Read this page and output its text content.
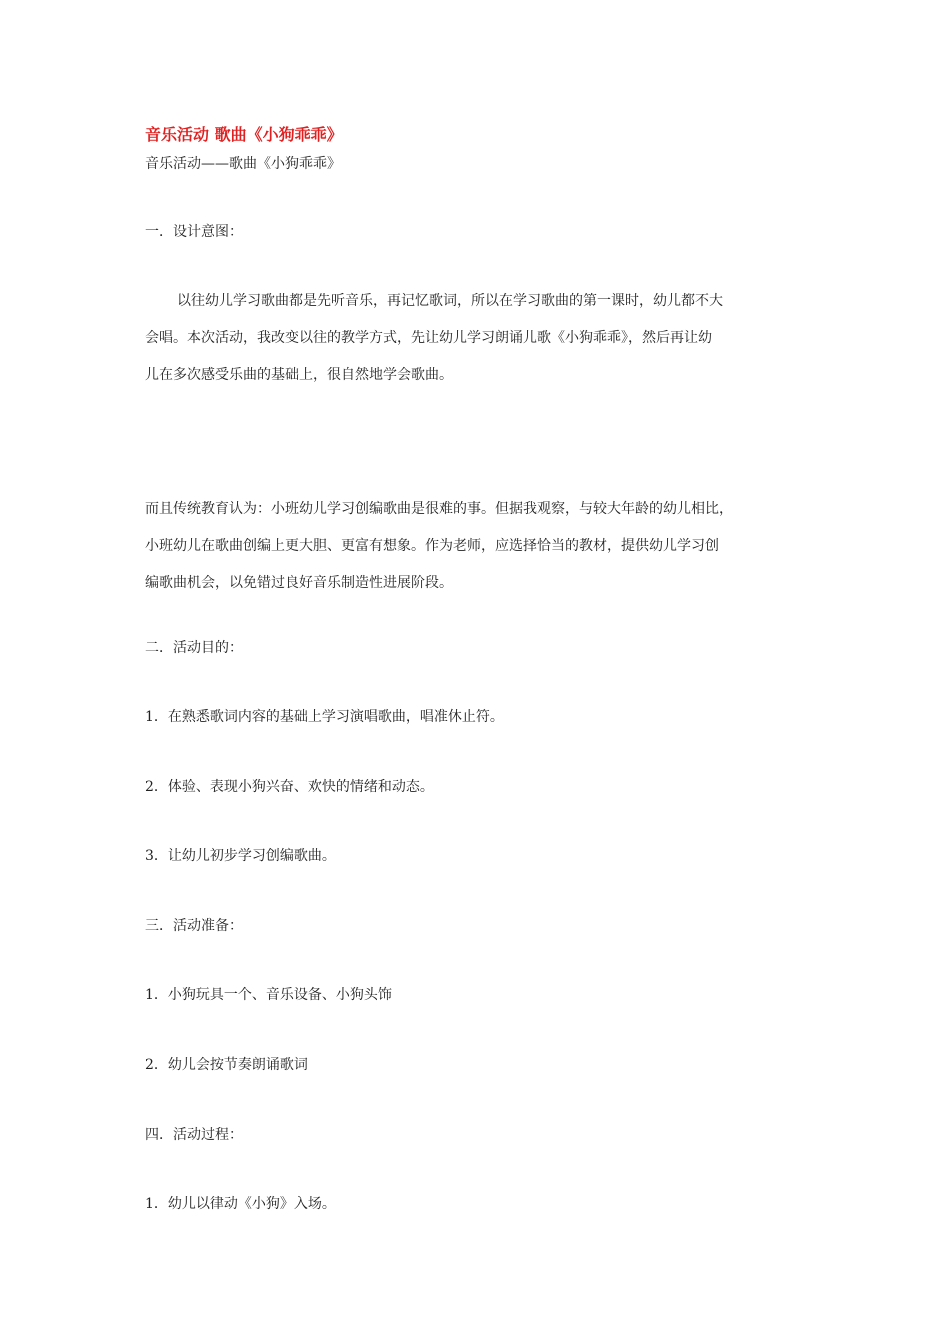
音乐活动 歌曲《小狗乖乖》
音乐活动——歌曲《小狗乖乖》
一．设计意图：
以往幼儿学习歌曲都是先听音乐，再记忆歌词，所以在学习歌曲的第一课时，幼儿都不大
会唱。本次活动，我改变以往的教学方式，先让幼儿学习朗诵儿歌《小狗乖乖》，然后再让幼
儿在多次感受乐曲的基础上，很自然地学会歌曲。
而且传统教育认为：小班幼儿学习创编歌曲是很难的事。但据我观察，与较大年龄的幼儿相比，
小班幼儿在歌曲创编上更大胆、更富有想象。作为老师，应选择恰当的教材，提供幼儿学习创
编歌曲机会，以免错过良好音乐制造性进展阶段。
二．活动目的：
1．在熟悉歌词内容的基础上学习演唱歌曲，唱准休止符。
2．体验、表现小狗兴奋、欢快的情绪和动态。
3．让幼儿初步学习创编歌曲。
三．活动准备：
1．小狗玩具一个、音乐设备、小狗头饰
2．幼儿会按节奏朗诵歌词
四．活动过程：
1．幼儿以律动《小狗》入场。
